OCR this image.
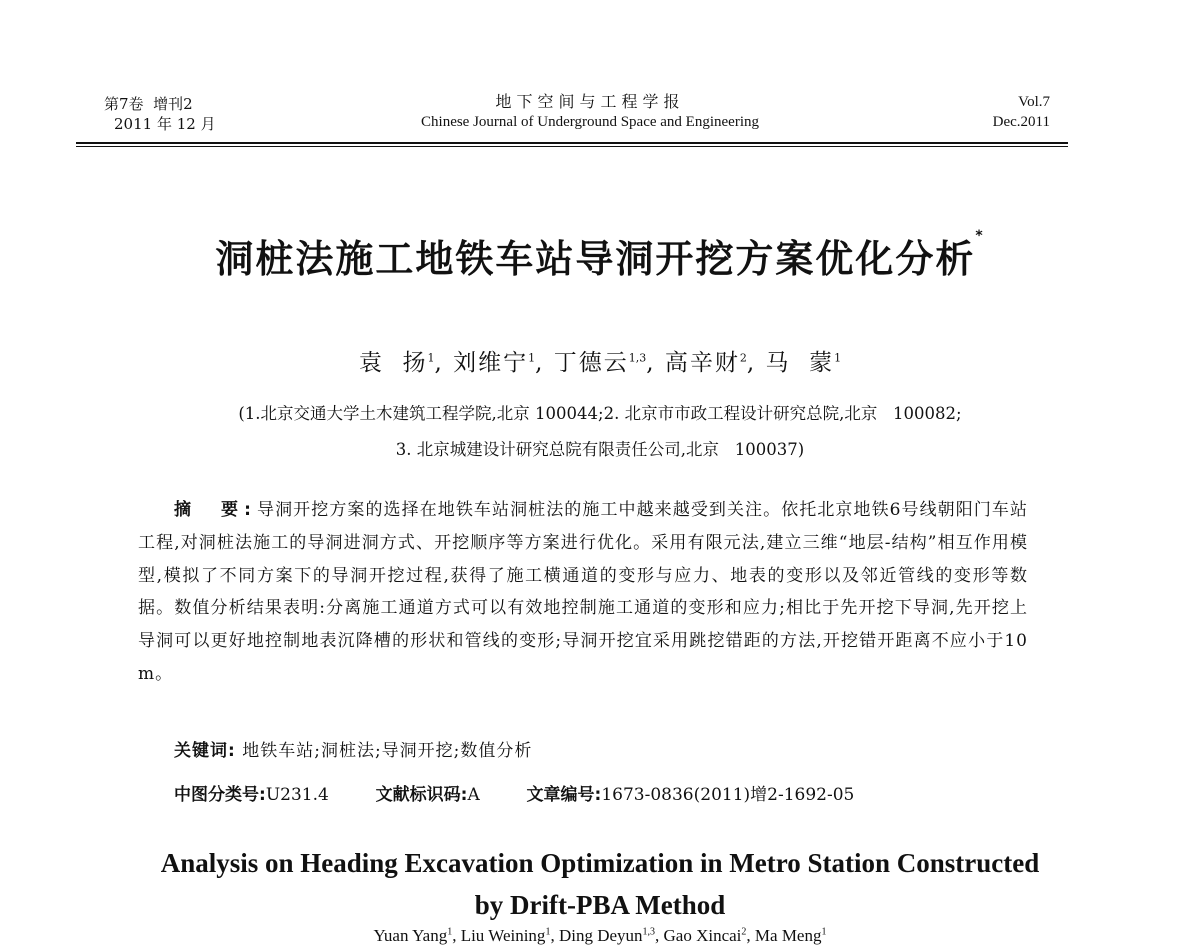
第7卷  增刊2
2011 年 12 月
地下空间与工程学报
Chinese Journal of Underground Space and Engineering
Vol.7
Dec.2011
洞桩法施工地铁车站导洞开挖方案优化分析*
袁  扬$^1$, 刘维宁$^1$, 丁德云$^{1,3}$, 高辛财$^2$, 马  蒙$^1$
(1.北京交通大学土木建筑工程学院,北京 100044;2. 北京市市政工程设计研究总院,北京   100082;
3. 北京城建设计研究总院有限责任公司,北京   100037)
摘  要:导洞开挖方案的选择在地铁车站洞桩法的施工中越来越受到关注。依托北京地铁6号线朝阳门车站工程,对洞桩法施工的导洞进洞方式、开挖顺序等方案进行优化。采用有限元法,建立三维“地层-结构”相互作用模型,模拟了不同方案下的导洞开挖过程,获得了施工横通道的变形与应力、地表的变形以及邻近管线的变形等数据。数值分析结果表明:分离施工通道方式可以有效地控制施工通道的变形和应力;相比于先开挖下导洞,先开挖上导洞可以更好地控制地表沉降槽的形状和管线的变形;导洞开挖宜采用跳挖错距的方法,开挖错开距离不应小于10 m。
关键词: 地铁车站;洞桩法;导洞开挖;数值分析
中图分类号:U231.4	文献标识码:A	文章编号:1673-0836(2011)增2-1692-05
Analysis on Heading Excavation Optimization in Metro Station Constructed
by Drift-PBA Method
Yuan Yang$^1$, Liu Weining$^1$, Ding Deyun$^{1,3}$, Gao Xincai$^2$, Ma Meng$^1$
